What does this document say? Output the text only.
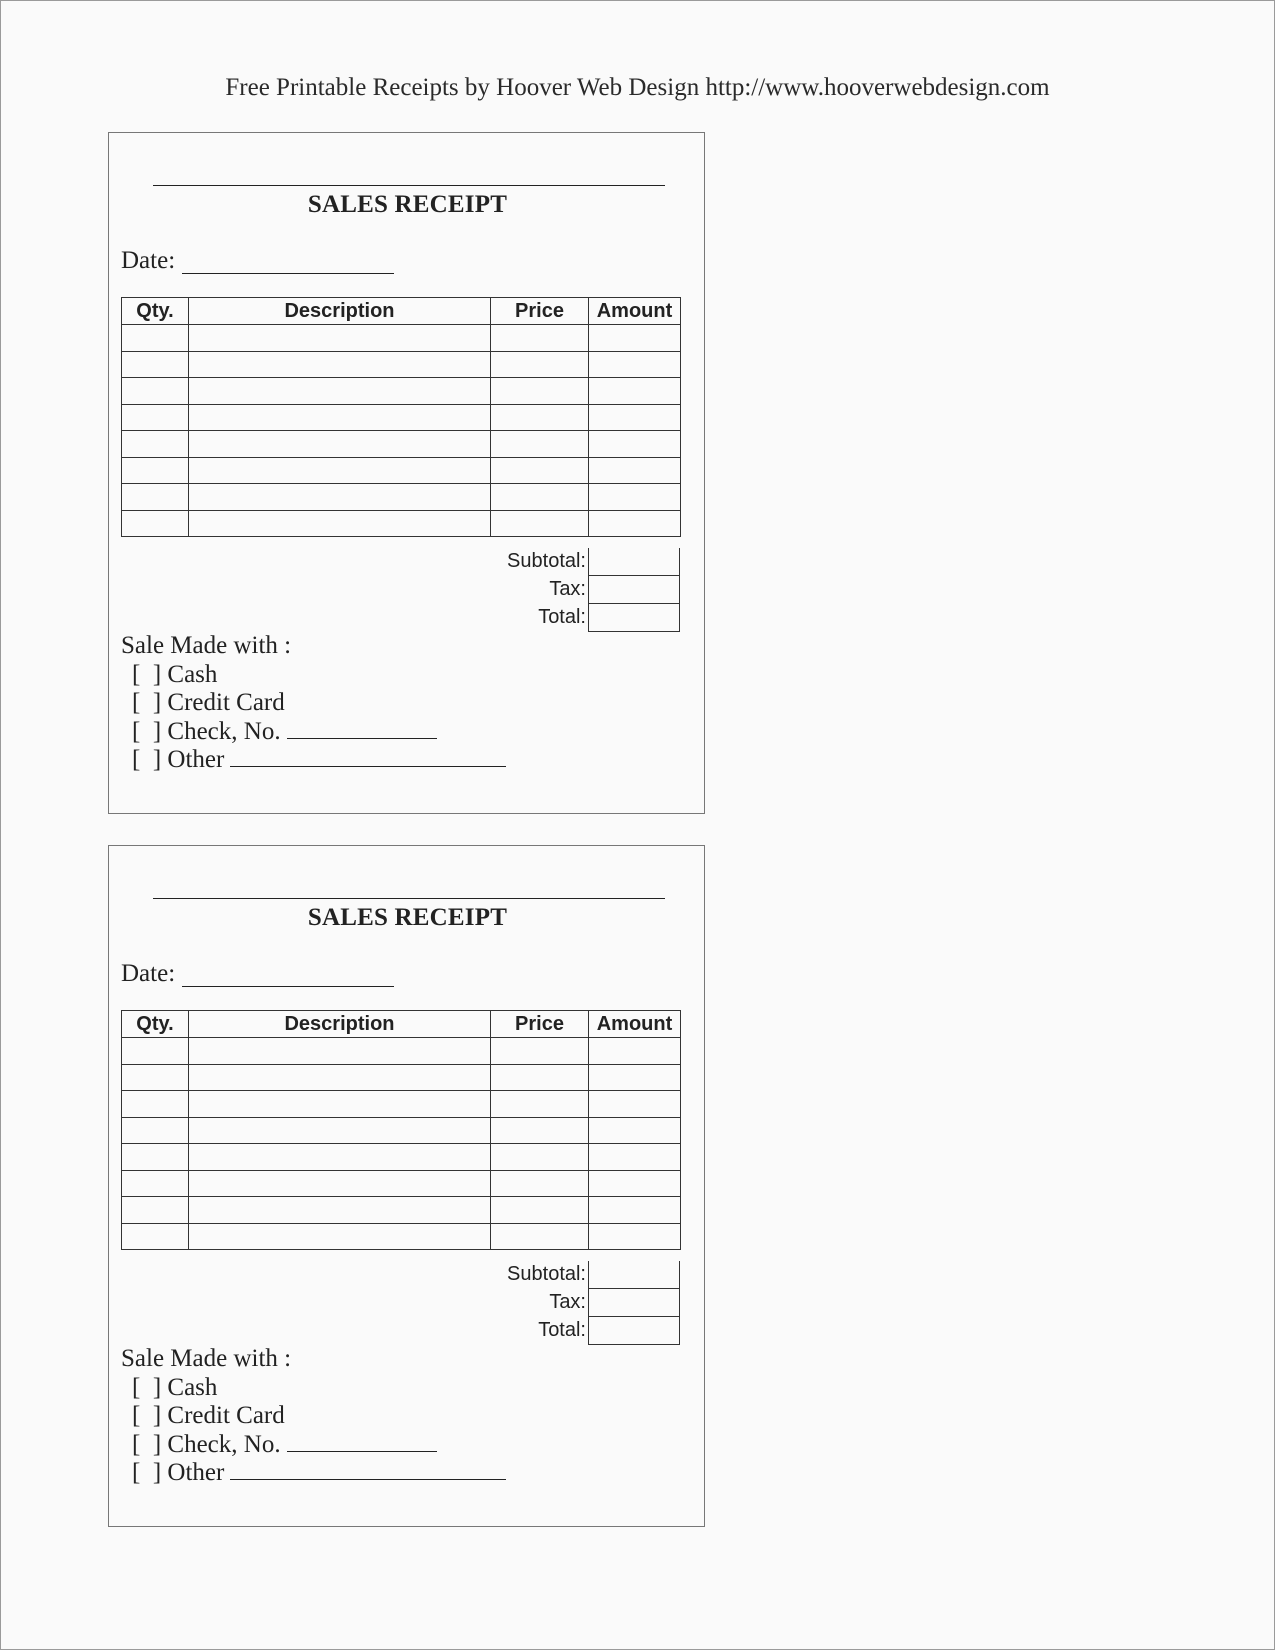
Free Printable Receipts by Hoover Web Design http://www.hooverwebdesign.com
SALES RECEIPT
Date:
Qty.	Description	Price	Amount

Subtotal:
Tax:
Total:
Sale Made with :
[  ] Cash
[  ] Credit Card
[  ] Check, No.
[  ] Other
SALES RECEIPT
Date:
Qty.	Description	Price	Amount

Subtotal:
Tax:
Total:
Sale Made with :
[  ] Cash
[  ] Credit Card
[  ] Check, No.
[  ] Other
